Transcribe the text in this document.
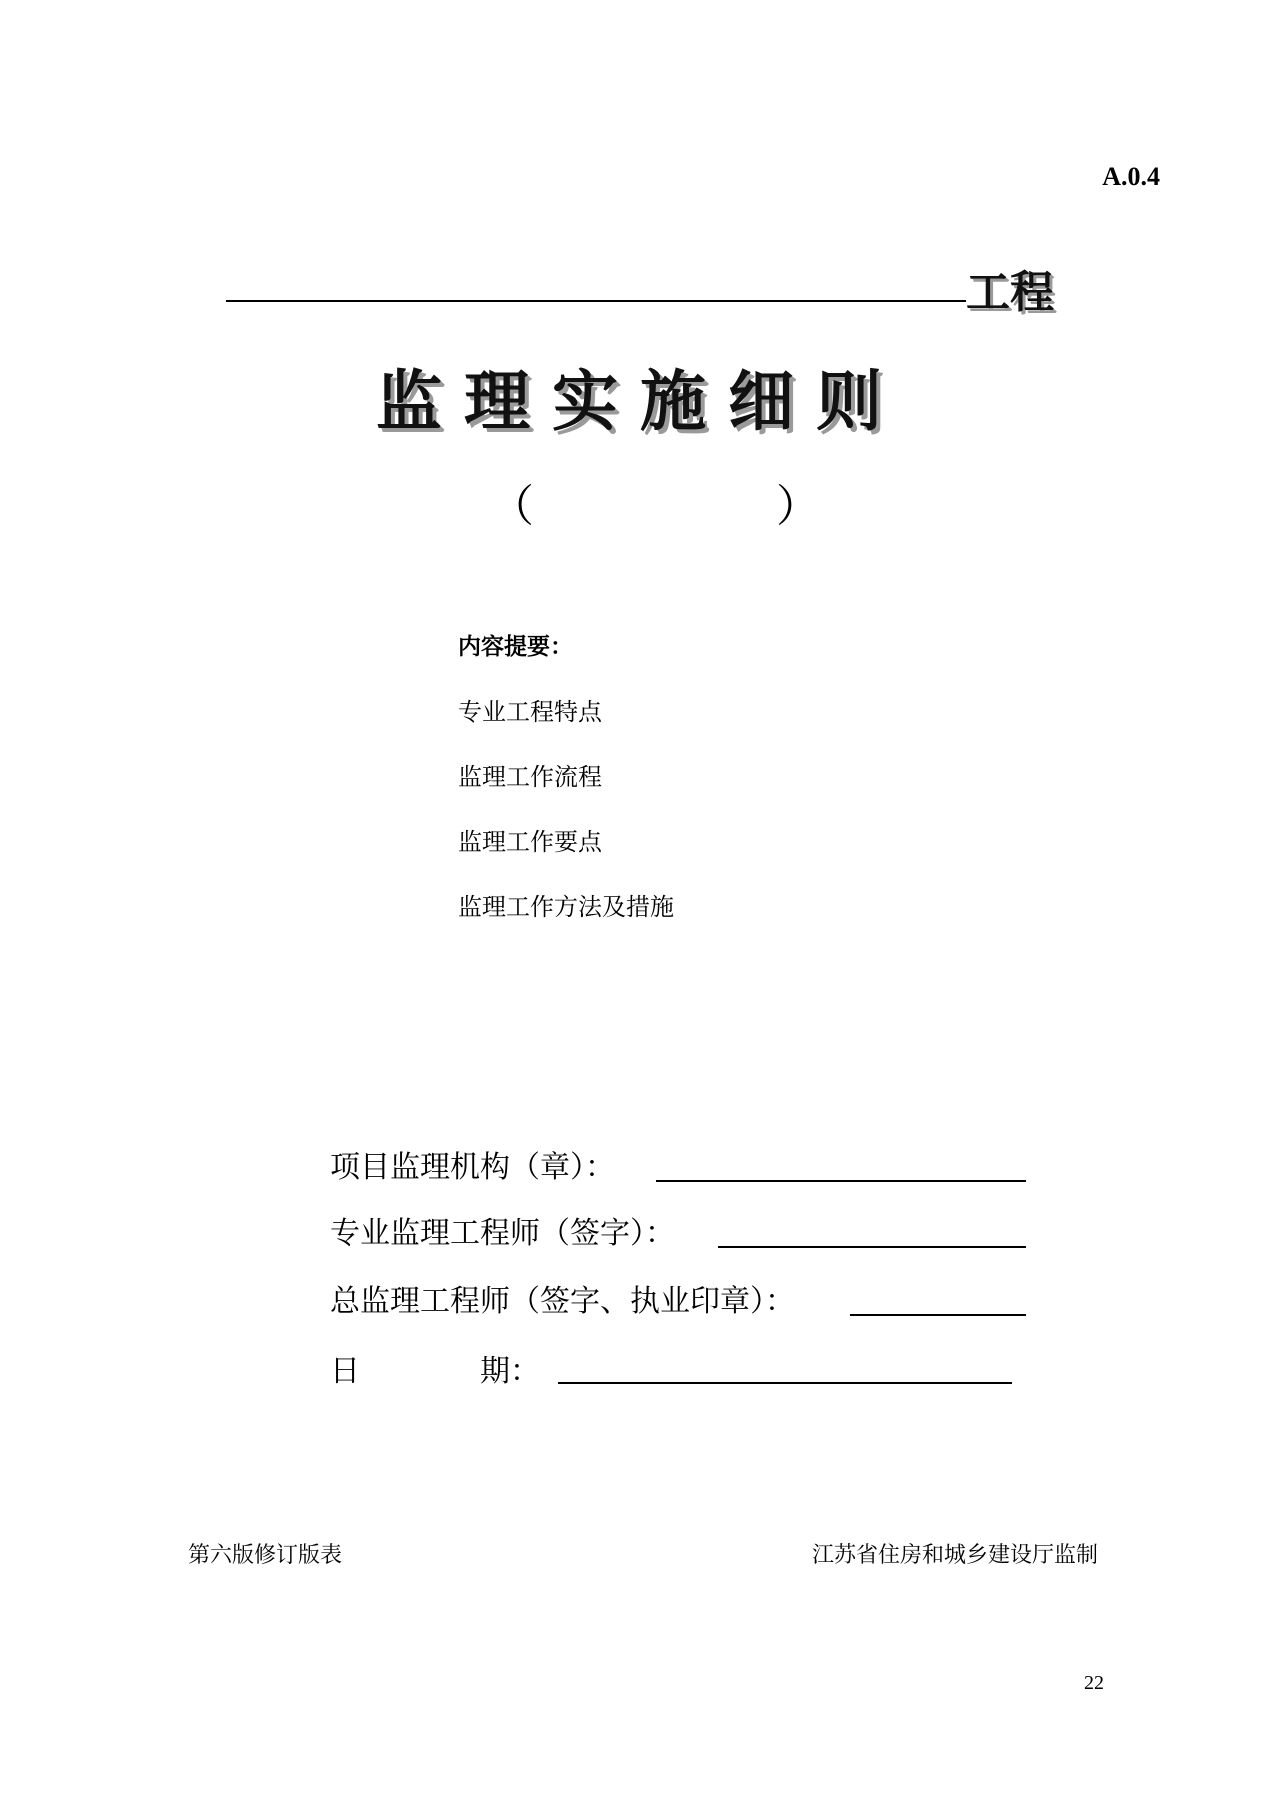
A.0.4
工程
监理实施细则
（	）
内容提要：
专业工程特点
监理工作流程
监理工作要点
监理工作方法及措施
项目监理机构（章）：
专业监理工程师（签字）：
总监理工程师（签字、执业印章）：
日　　　　期：
第六版修订版表	江苏省住房和城乡建设厅监制
22
